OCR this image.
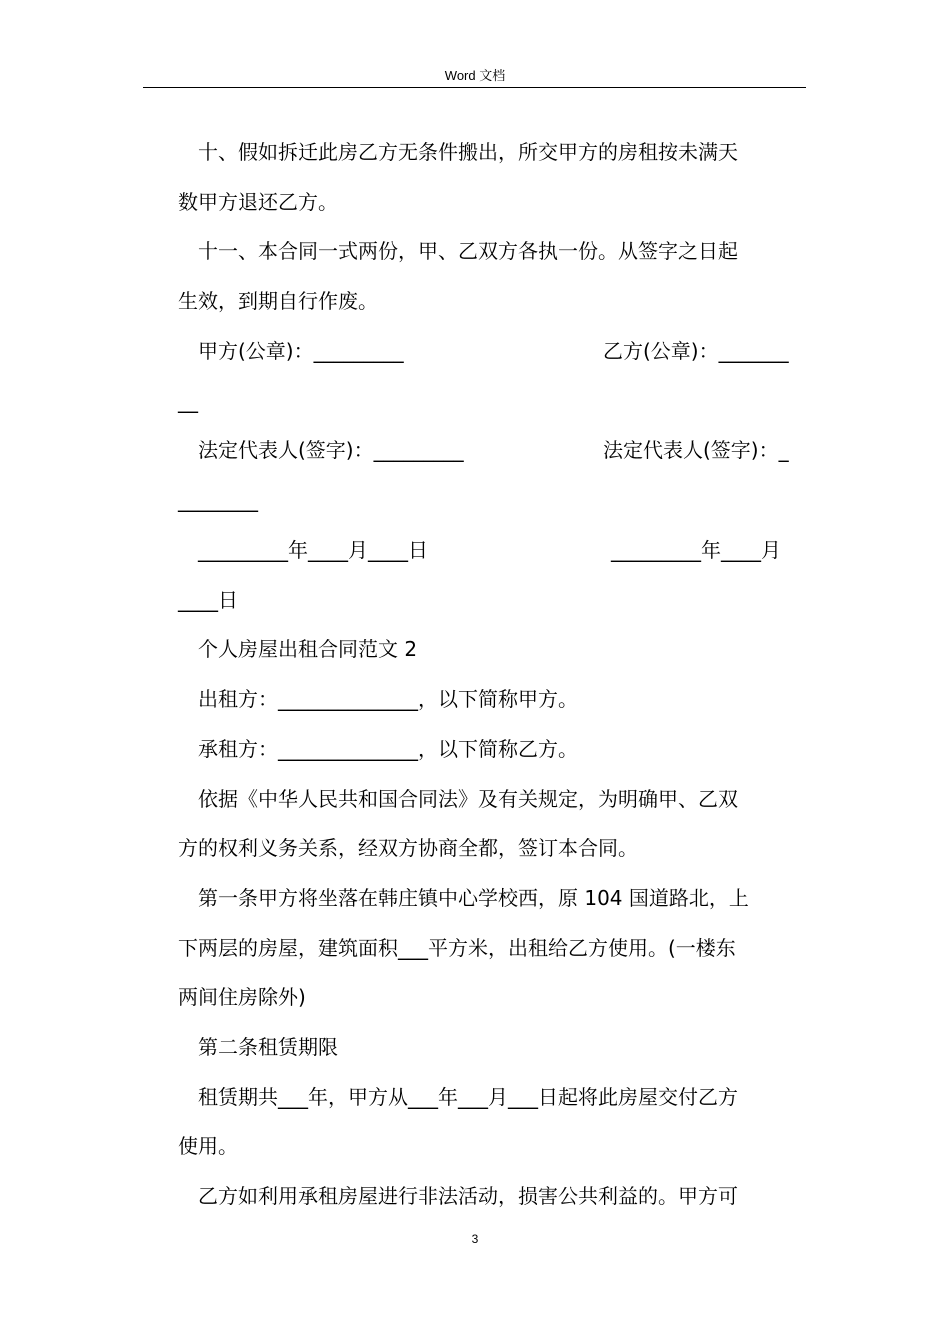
Word 文档
十、假如拆迁此房乙方无条件搬出，所交甲方的房租按未满天
数甲方退还乙方。
十一、本合同一式两份，甲、乙双方各执一份。从签字之日起
生效，到期自行作废。
甲方(公章)：_________	乙方(公章)：_______
__
法定代表人(签字)：_________	法定代表人(签字)：_
________
_________年____月____日	_________年____月
____日
个人房屋出租合同范文 2
出租方：______________，以下简称甲方。
承租方：______________，以下简称乙方。
依据《中华人民共和国合同法》及有关规定，为明确甲、乙双
方的权利义务关系，经双方协商全都，签订本合同。
第一条甲方将坐落在韩庄镇中心学校西，原 104 国道路北，上
下两层的房屋，建筑面积___平方米，出租给乙方使用。(一楼东
两间住房除外)
第二条租赁期限
租赁期共___年，甲方从___年___月___日起将此房屋交付乙方
使用。
乙方如利用承租房屋进行非法活动，损害公共利益的。甲方可
3
